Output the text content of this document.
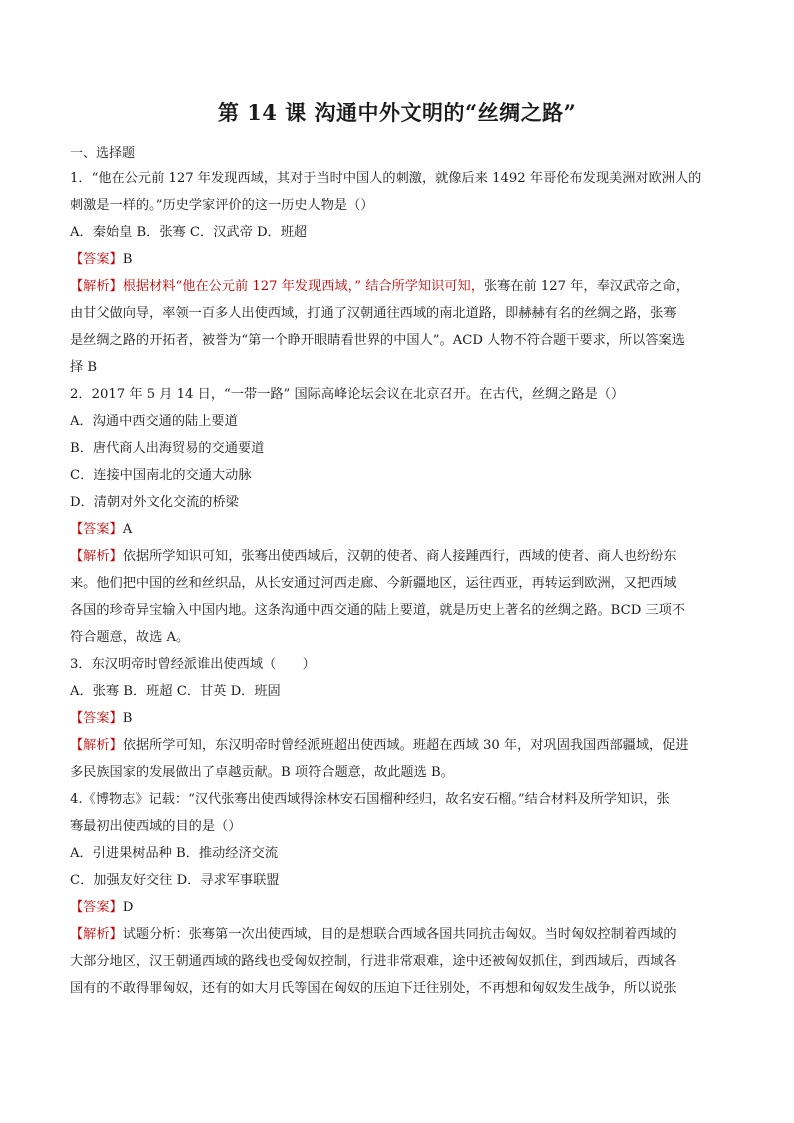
第 14 课 沟通中外文明的“丝绸之路”
一、选择题
1．“他在公元前 127 年发现西域，其对于当时中国人的刺激，就像后来 1492 年哥伦布发现美洲对欧洲人的
刺激是一样的。”历史学家评价的这一历史人物是（）
A．秦始皇 B．张骞 C．汉武帝 D．班超
【答案】B
【解析】根据材料“他在公元前 127 年发现西域，” 结合所学知识可知，张骞在前 127 年，奉汉武帝之命，
由甘父做向导，率领一百多人出使西域，打通了汉朝通往西域的南北道路，即赫赫有名的丝绸之路，张骞
是丝绸之路的开拓者，被誉为“第一个睁开眼睛看世界的中国人”。ACD 人物不符合题干要求，所以答案选
择 B
2．2017 年 5 月 14 日，“一带一路” 国际高峰论坛会议在北京召开。在古代，丝绸之路是（）
A．沟通中西交通的陆上要道
B．唐代商人出海贸易的交通要道
C．连接中国南北的交通大动脉
D．清朝对外文化交流的桥梁
【答案】A
【解析】依据所学知识可知，张骞出使西域后，汉朝的使者、商人接踵西行，西域的使者、商人也纷纷东
来。他们把中国的丝和丝织品，从长安通过河西走廊、今新疆地区，运往西亚，再转运到欧洲，又把西域
各国的珍奇异宝输入中国内地。这条沟通中西交通的陆上要道，就是历史上著名的丝绸之路。BCD 三项不
符合题意，故选 A。
3．东汉明帝时曾经派谁出使西域（　　）
A．张骞 B．班超 C．甘英 D．班固
【答案】B
【解析】依据所学可知，东汉明帝时曾经派班超出使西域。班超在西域 30 年，对巩固我国西部疆域，促进
多民族国家的发展做出了卓越贡献。B 项符合题意，故此题选 B。
4.《博物志》记载：“汉代张骞出使西域得涂林安石国榴种经归，故名安石榴。”结合材料及所学知识，张
骞最初出使西域的目的是（）
A．引进果树品种 B．推动经济交流
C．加强友好交往 D．寻求军事联盟
【答案】D
【解析】试题分析：张骞第一次出使西域，目的是想联合西域各国共同抗击匈奴。当时匈奴控制着西域的
大部分地区，汉王朝通西域的路线也受匈奴控制，行进非常艰难，途中还被匈奴抓住，到西域后，西域各
国有的不敢得罪匈奴，还有的如大月氏等国在匈奴的压迫下迁往别处，不再想和匈奴发生战争，所以说张
